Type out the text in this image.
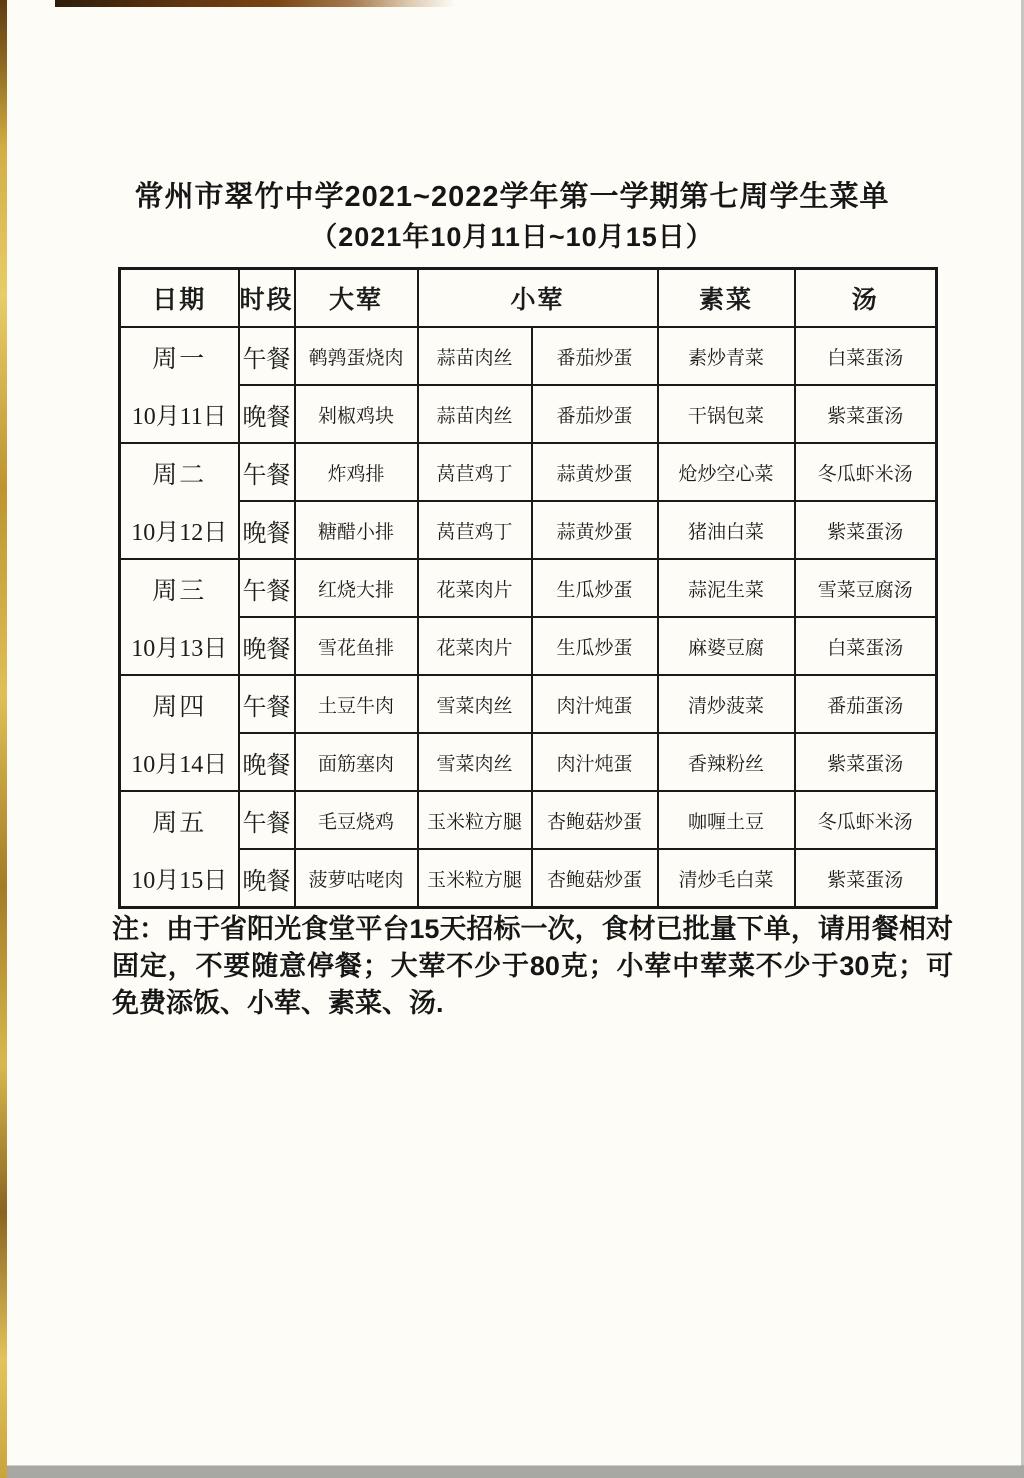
常州市翠竹中学2021~2022学年第一学期第七周学生菜单
（2021年10月11日~10月15日）
日期	时段	大荤	小荤		素菜	汤

周一
10月11日	午餐	鹌鹑蛋烧肉	蒜苗肉丝	番茄炒蛋	素炒青菜	白菜蛋汤
	晚餐	剁椒鸡块	蒜苗肉丝	番茄炒蛋	干锅包菜	紫菜蛋汤

周二
10月12日	午餐	炸鸡排	莴苣鸡丁	蒜黄炒蛋	炝炒空心菜	冬瓜虾米汤
	晚餐	糖醋小排	莴苣鸡丁	蒜黄炒蛋	猪油白菜	紫菜蛋汤

周三
10月13日	午餐	红烧大排	花菜肉片	生瓜炒蛋	蒜泥生菜	雪菜豆腐汤
	晚餐	雪花鱼排	花菜肉片	生瓜炒蛋	麻婆豆腐	白菜蛋汤

周四
10月14日	午餐	土豆牛肉	雪菜肉丝	肉汁炖蛋	清炒菠菜	番茄蛋汤
	晚餐	面筋塞肉	雪菜肉丝	肉汁炖蛋	香辣粉丝	紫菜蛋汤

周五
10月15日	午餐	毛豆烧鸡	玉米粒方腿	杏鲍菇炒蛋	咖喱土豆	冬瓜虾米汤
	晚餐	菠萝咕咾肉	玉米粒方腿	杏鲍菇炒蛋	清炒毛白菜	紫菜蛋汤
注：由于省阳光食堂平台15天招标一次，食材已批量下单，请用餐相对固定，不要随意停餐；大荤不少于80克；小荤中荤菜不少于30克；可免费添饭、小荤、素菜、汤.
